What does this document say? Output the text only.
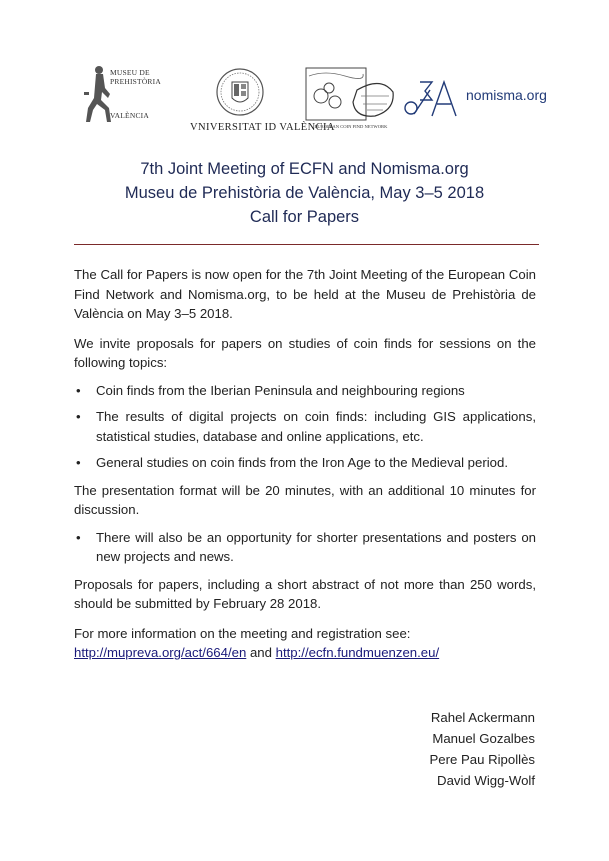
MUSEU DE
PREHISTÒRIA
VALÈNCIA
VNIVERSITAT ID VALÈNCIA
EUROPEAN COIN FIND NETWORK
nomisma.org
7th Joint Meeting of ECFN and Nomisma.org
Museu de Prehistòria de València, May 3–5 2018
Call for Papers

The Call for Papers is now open for the 7th Joint Meeting of the European Coin Find Network and Nomisma.org, to be held at the Museu de Prehistòria de València on May 3–5 2018.

We invite proposals for papers on studies of coin finds for sessions on the following topics:

• Coin finds from the Iberian Peninsula and neighbouring regions
• The results of digital projects on coin finds: including GIS applications, statistical studies, database and online applications, etc.
• General studies on coin finds from the Iron Age to the Medieval period.

The presentation format will be 20 minutes, with an additional 10 minutes for discussion.

• There will also be an opportunity for shorter presentations and posters on new projects and news.

Proposals for papers, including a short abstract of not more than 250 words, should be submitted by February 28 2018.

For more information on the meeting and registration see:
http://mupreva.org/act/664/en and http://ecfn.fundmuenzen.eu/

Rahel Ackermann
Manuel Gozalbes
Pere Pau Ripollès
David Wigg-Wolf
